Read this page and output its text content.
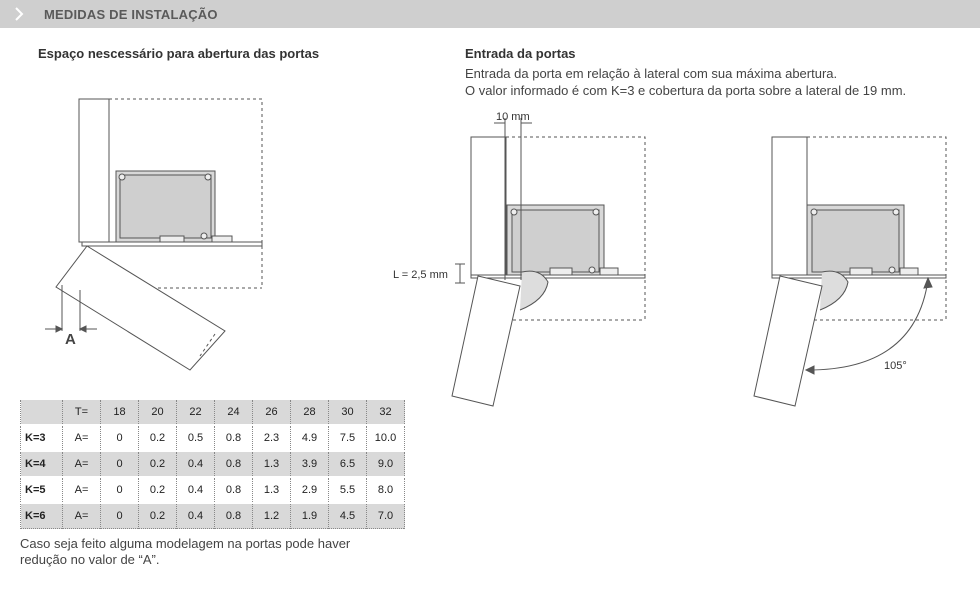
MEDIDAS DE INSTALAÇÃO
Espaço nescessário para abertura das portas	Entrada da portas
Entrada da porta em relação à lateral com sua máxima abertura.
O valor informado é com K=3 e cobertura da porta sobre a lateral de 19 mm.
A
10 mm
L = 2,5 mm
105°
	T=	18	20	22	24	26	28	30	32
K=3	A=	0	0.2	0.5	0.8	2.3	4.9	7.5	10.0
K=4	A=	0	0.2	0.4	0.8	1.3	3.9	6.5	9.0
K=5	A=	0	0.2	0.4	0.8	1.3	2.9	5.5	8.0
K=6	A=	0	0.2	0.4	0.8	1.2	1.9	4.5	7.0
Caso seja feito alguma modelagem na portas pode haver redução no valor de “A”.
